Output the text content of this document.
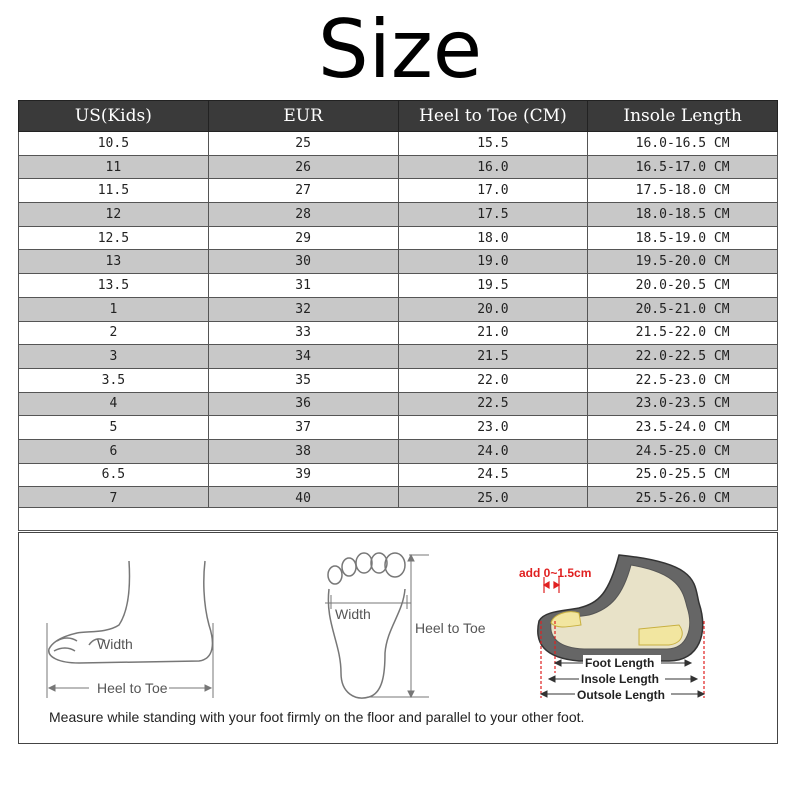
Size
US(Kids)	EUR	Heel to Toe (CM)	Insole Length
10.5	25	15.5	16.0-16.5 CM
11	26	16.0	16.5-17.0 CM
11.5	27	17.0	17.5-18.0 CM
12	28	17.5	18.0-18.5 CM
12.5	29	18.0	18.5-19.0 CM
13	30	19.0	19.5-20.0 CM
13.5	31	19.5	20.0-20.5 CM
1	32	20.0	20.5-21.0 CM
2	33	21.0	21.5-22.0 CM
3	34	21.5	22.0-22.5 CM
3.5	35	22.0	22.5-23.0 CM
4	36	22.5	23.0-23.5 CM
5	37	23.0	23.5-24.0 CM
6	38	24.0	24.5-25.0 CM
6.5	39	24.5	25.0-25.5 CM
7	40	25.0	25.5-26.0 CM
Width
Heel to Toe
Width
Heel to Toe
add 0~1.5cm
Foot Length
Insole Length
Outsole Length
Measure while standing with your foot firmly on the floor and parallel to your other foot.
